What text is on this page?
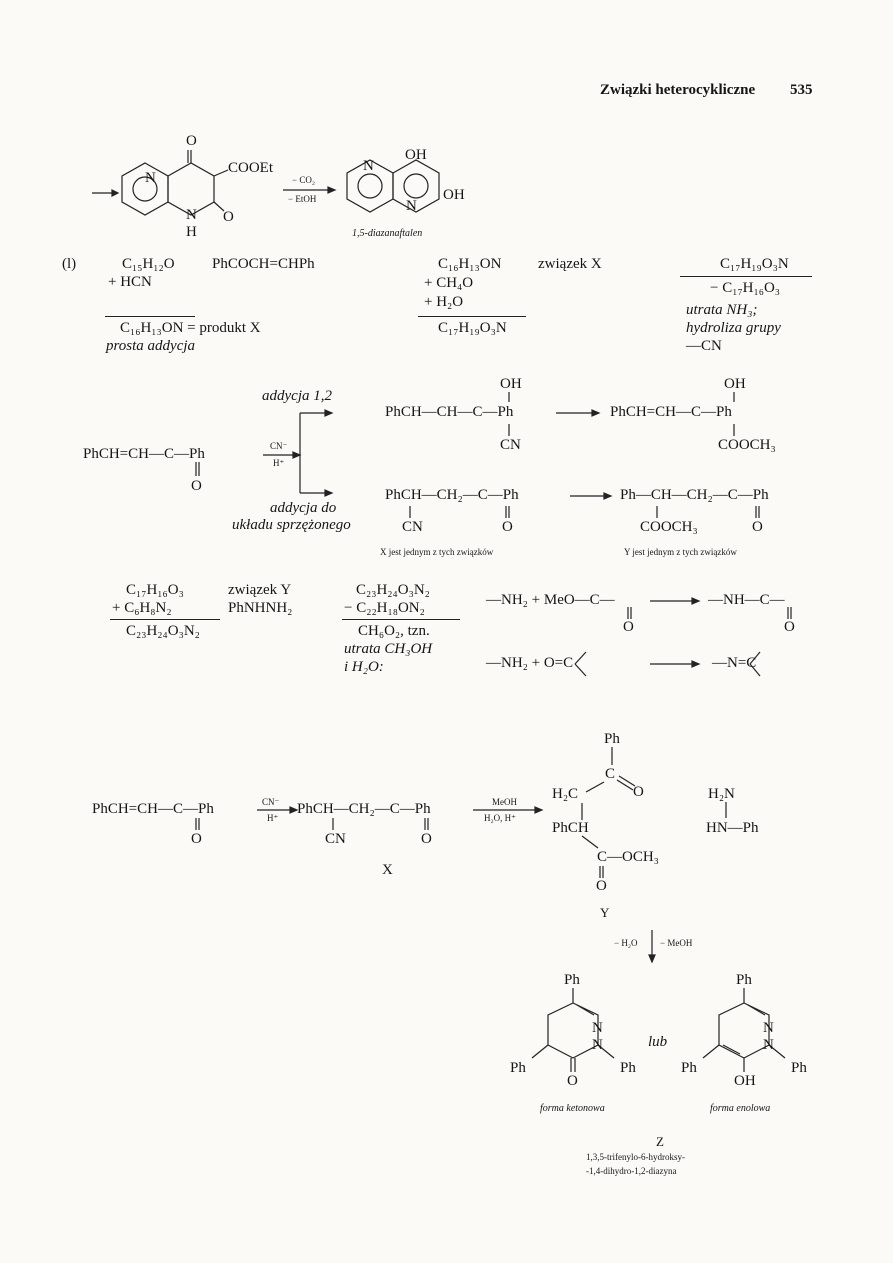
Związki heterocykliczne 535
O
COOEt
N
N
H
O
− CO₂
− EtOH
N
OH
N
OH
1,5-diazanaftalen
(l)	C₁₅H₁₂O PhCOCH=CHPh
+ HCN
C₁₆H₁₃ON = produkt X
prosta addycja
C₁₆H₁₃ON związek X
+ CH₄O
+ H₂O
C₁₇H₁₉O₃N
C₁₇H₁₉O₃N
− C₁₇H₁₆O₃
utrata NH₃;
hydroliza grupy
—CN
addycja 1,2
PhCH=CH—C—Ph
O
CN⁻
H⁺
addycja do
układu sprzężonego
OH
PhCH—CH—C—Ph
CN
OH
PhCH=CH—C—Ph
COOCH₃
PhCH—CH₂—C—Ph
CN	O
Ph—CH—CH₂—C—Ph
COOCH₃	O
X jest jednym z tych związków	Y jest jednym z tych związków
C₁₇H₁₆O₃	związek Y
+ C₆H₈N₂	PhNHNH₂
C₂₃H₂₄O₃N₂
C₂₃H₂₄O₃N₂
− C₂₂H₁₈ON₂
CH₆O₂, tzn.
utrata CH₃OH
i H₂O:
—NH₂ + MeO—C—
O
—NH—C—
O
—NH₂ + O=C	—N=C
PhCH=CH—C—Ph
O
CN⁻
H⁺
PhCH—CH₂—C—Ph
CN	O
X
MeOH
H₂O, H⁺
Ph
C
O
H₂C
PhCH
C—OCH₃
O
Y
H₂N
HN—Ph
− H₂O	− MeOH
Ph
N
N
Ph
Ph
O
lub
Ph
N
N
Ph
Ph
OH
forma ketonowa	forma enolowa
Z
1,3,5-trifenylo-6-hydroksy-
-1,4-dihydro-1,2-diazyna
